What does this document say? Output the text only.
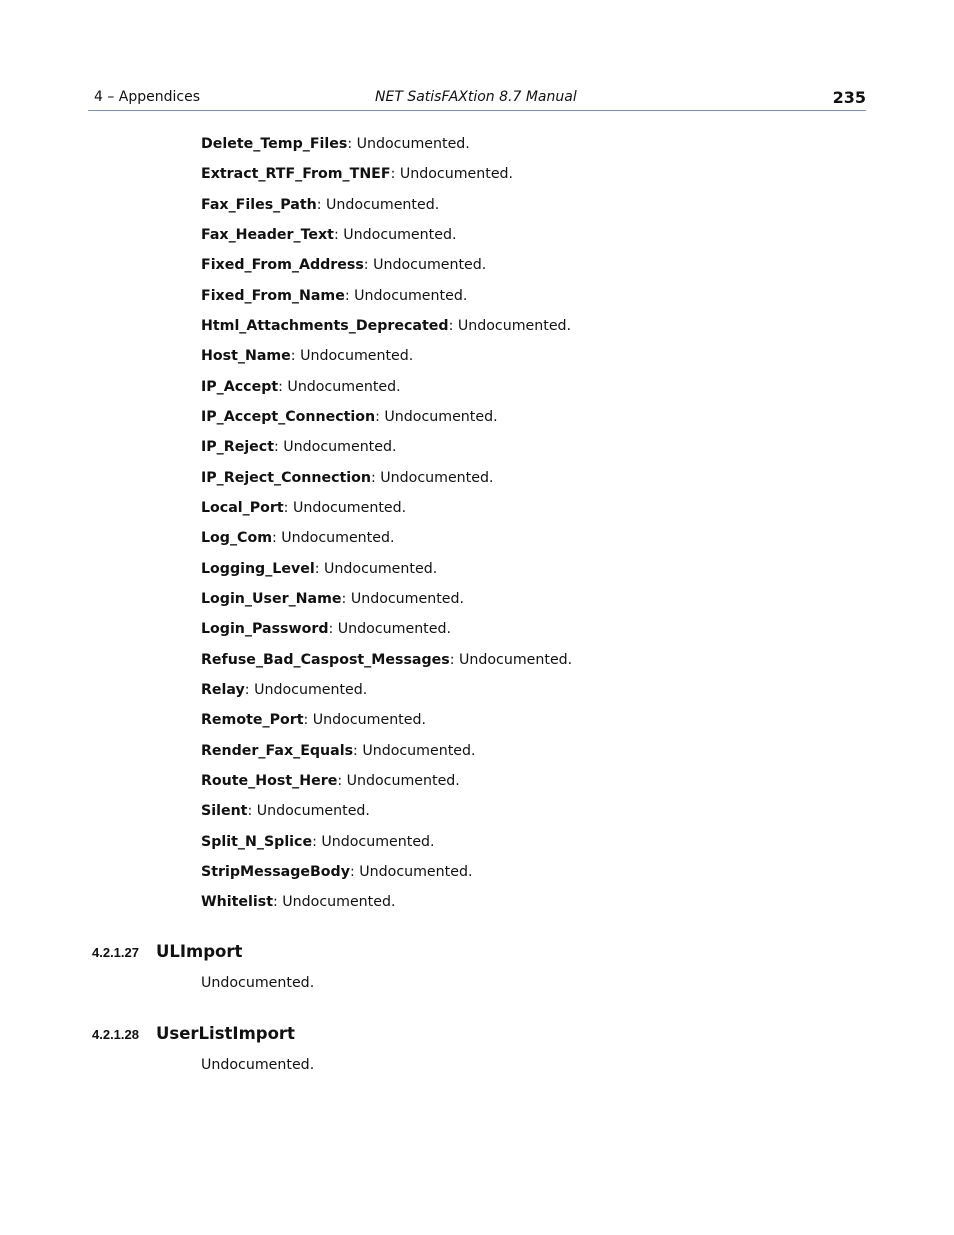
4 – Appendices	NET SatisFAXtion 8.7 Manual	235
Delete_Temp_Files: Undocumented.
Extract_RTF_From_TNEF: Undocumented.
Fax_Files_Path: Undocumented.
Fax_Header_Text: Undocumented.
Fixed_From_Address: Undocumented.
Fixed_From_Name: Undocumented.
Html_Attachments_Deprecated: Undocumented.
Host_Name: Undocumented.
IP_Accept: Undocumented.
IP_Accept_Connection: Undocumented.
IP_Reject: Undocumented.
IP_Reject_Connection: Undocumented.
Local_Port: Undocumented.
Log_Com: Undocumented.
Logging_Level: Undocumented.
Login_User_Name: Undocumented.
Login_Password: Undocumented.
Refuse_Bad_Caspost_Messages: Undocumented.
Relay: Undocumented.
Remote_Port: Undocumented.
Render_Fax_Equals: Undocumented.
Route_Host_Here: Undocumented.
Silent: Undocumented.
Split_N_Splice: Undocumented.
StripMessageBody: Undocumented.
Whitelist: Undocumented.
4.2.1.27 ULImport
Undocumented.
4.2.1.28 UserListImport
Undocumented.
